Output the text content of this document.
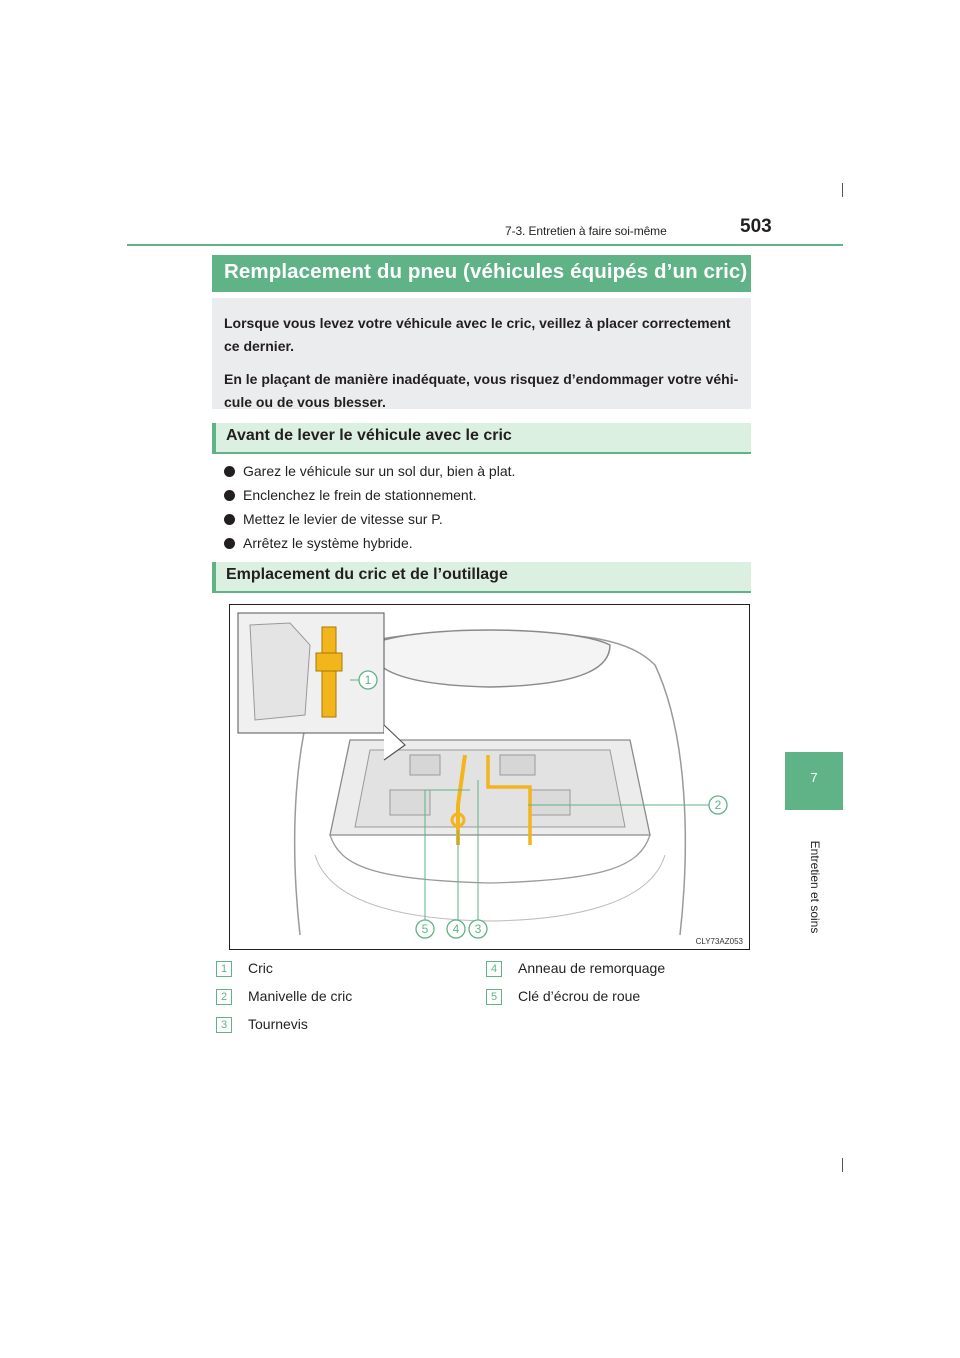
7-3. Entretien à faire soi-même	503
7
Entretien et soins
Remplacement du pneu (véhicules équipés d’un cric)

Lorsque vous levez votre véhicule avec le cric, veillez à placer correctement ce dernier.

En le plaçant de manière inadéquate, vous risquez d’endommager votre véhi-cule ou de vous blesser.

Avant de lever le véhicule avec le cric
Garez le véhicule sur un sol dur, bien à plat.
Enclenchez le frein de stationnement.
Mettez le levier de vitesse sur P.
Arrêtez le système hybride.
Emplacement du cric et de l’outillage
1
2
3
4
5
CLY73AZ053
1 Cric
2 Manivelle de cric
3 Tournevis
4 Anneau de remorquage
5 Clé d’écrou de roue
